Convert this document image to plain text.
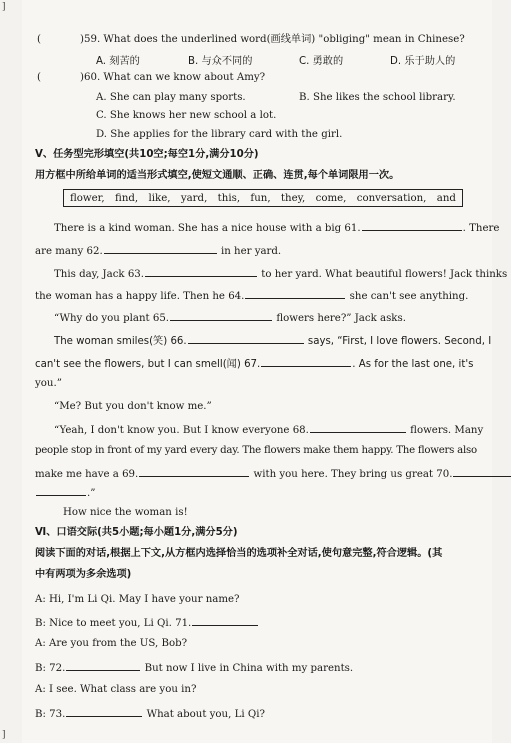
]
]
(	)59. What does the underlined word(画线单词) "obliging" mean in Chinese?
A. 刻苦的	B. 与众不同的	C. 勇敢的	D. 乐于助人的
(	)60. What can we know about Amy?
A. She can play many sports.	B. She likes the school library.
C. She knows her new school a lot.
D. She applies for the library card with the girl.
Ⅴ、任务型完形填空(共10空;每空1分,满分10分)
用方框中所给单词的适当形式填空,使短文通顺、正确、连贯,每个单词限用一次。
flower, find, like, yard, this, fun, they, come, conversation, and
There is a kind woman. She has a nice house with a big 61.	. There
are many 62.	in her yard.
This day, Jack 63.	to her yard. What beautiful flowers! Jack thinks
the woman has a happy life. Then he 64.	she can't see anything.
“Why do you plant 65.	flowers here?” Jack asks.
The woman smiles(笑) 66.	says, “First, I love flowers. Second, I
can't see the flowers, but I can smell(闻) 67.	. As for the last one, it's
you.”
“Me? But you don't know me.”
“Yeah, I don't know you. But I know everyone 68.	flowers. Many
people stop in front of my yard every day. The flowers make them happy. The flowers also
make me have a 69.	with you here. They bring us great 70.
.”
How nice the woman is!
Ⅵ、口语交际(共5小题;每小题1分,满分5分)
阅读下面的对话,根据上下文,从方框内选择恰当的选项补全对话,使句意完整,符合逻辑。(其
中有两项为多余选项)
A: Hi, I'm Li Qi. May I have your name?
B: Nice to meet you, Li Qi. 71.
A: Are you from the US, Bob?
B: 72.	But now I live in China with my parents.
A: I see. What class are you in?
B: 73.	What about you, Li Qi?
